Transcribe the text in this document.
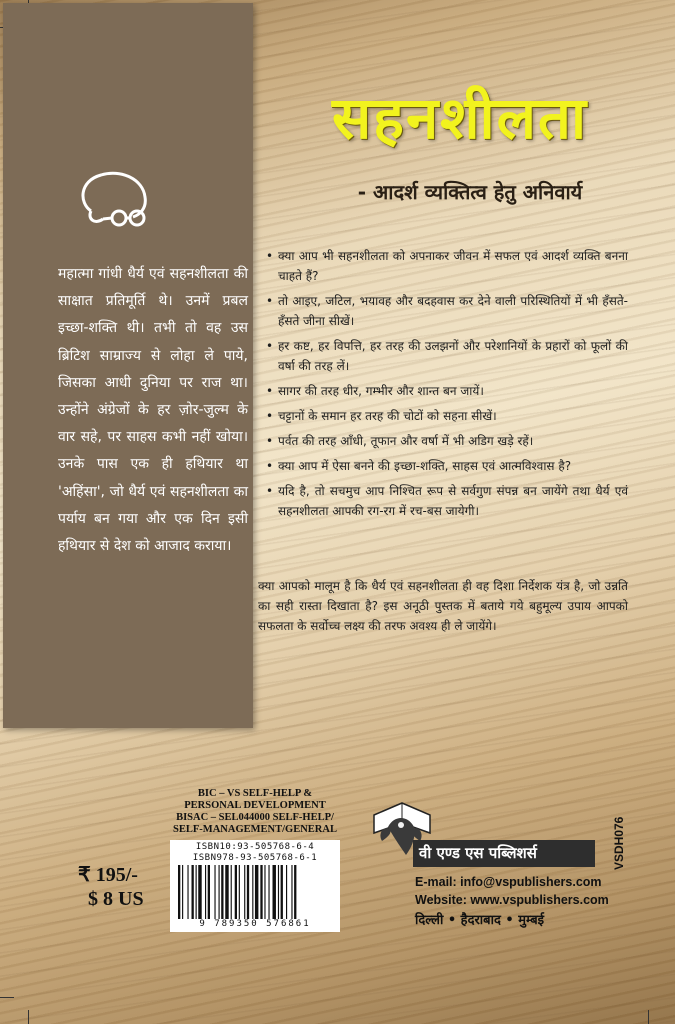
महात्मा गांधी धैर्य एवं सहनशीलता की साक्षात प्रतिमूर्ति थे। उनमें प्रबल इच्छा-शक्ति थी। तभी तो वह उस ब्रिटिश साम्राज्य से लोहा ले पाये, जिसका आधी दुनिया पर राज था। उन्होंने अंग्रेजों के हर ज़ोर-जुल्म के वार सहे, पर साहस कभी नहीं खोया। उनके पास एक ही हथियार था 'अहिंसा', जो धैर्य एवं सहनशीलता का पर्याय बन गया और एक दिन इसी हथियार से देश को आजाद कराया।

सहनशीलता

- आदर्श व्यक्तित्व हेतु अनिवार्य

• क्या आप भी सहनशीलता को अपनाकर जीवन में सफल एवं आदर्श व्यक्ति बनना चाहते हैं?
• तो आइए, जटिल, भयावह और बदहवास कर देने वाली परिस्थितियों में भी हँसते-हँसते जीना सीखें।
• हर कष्ट, हर विपत्ति, हर तरह की उलझनों और परेशानियों के प्रहारों को फूलों की वर्षा की तरह लें।
• सागर की तरह धीर, गम्भीर और शान्त बन जायें।
• चट्टानों के समान हर तरह की चोटों को सहना सीखें।
• पर्वत की तरह आँधी, तूफान और वर्षा में भी अडिग खड़े रहें।
• क्या आप में ऐसा बनने की इच्छा-शक्ति, साहस एवं आत्मविश्वास है?
• यदि है, तो सचमुच आप निश्चित रूप से सर्वगुण संपन्न बन जायेंगे तथा धैर्य एवं सहनशीलता आपकी रग-रग में रच-बस जायेगी।

क्या आपको मालूम है कि धैर्य एवं सहनशीलता ही वह दिशा निर्देशक यंत्र है, जो उन्नति का सही रास्ता दिखाता है? इस अनूठी पुस्तक में बताये गये बहुमूल्य उपाय आपको सफलता के सर्वोच्च लक्ष्य की तरफ अवश्य ही ले जायेंगे।

BIC – VS SELF-HELP &
PERSONAL DEVELOPMENT
BISAC – SEL044000 SELF-HELP/
SELF-MANAGEMENT/GENERAL
ISBN10:93-505768-6-4
ISBN978-93-505768-6-1
9 789350 576861

₹ 195/-

$ 8 US

वी एण्ड एस पब्लिशर्स	VSDH076

E-mail: info@vspublishers.com

Website: www.vspublishers.com

दिल्ली • हैदराबाद • मुम्बई
